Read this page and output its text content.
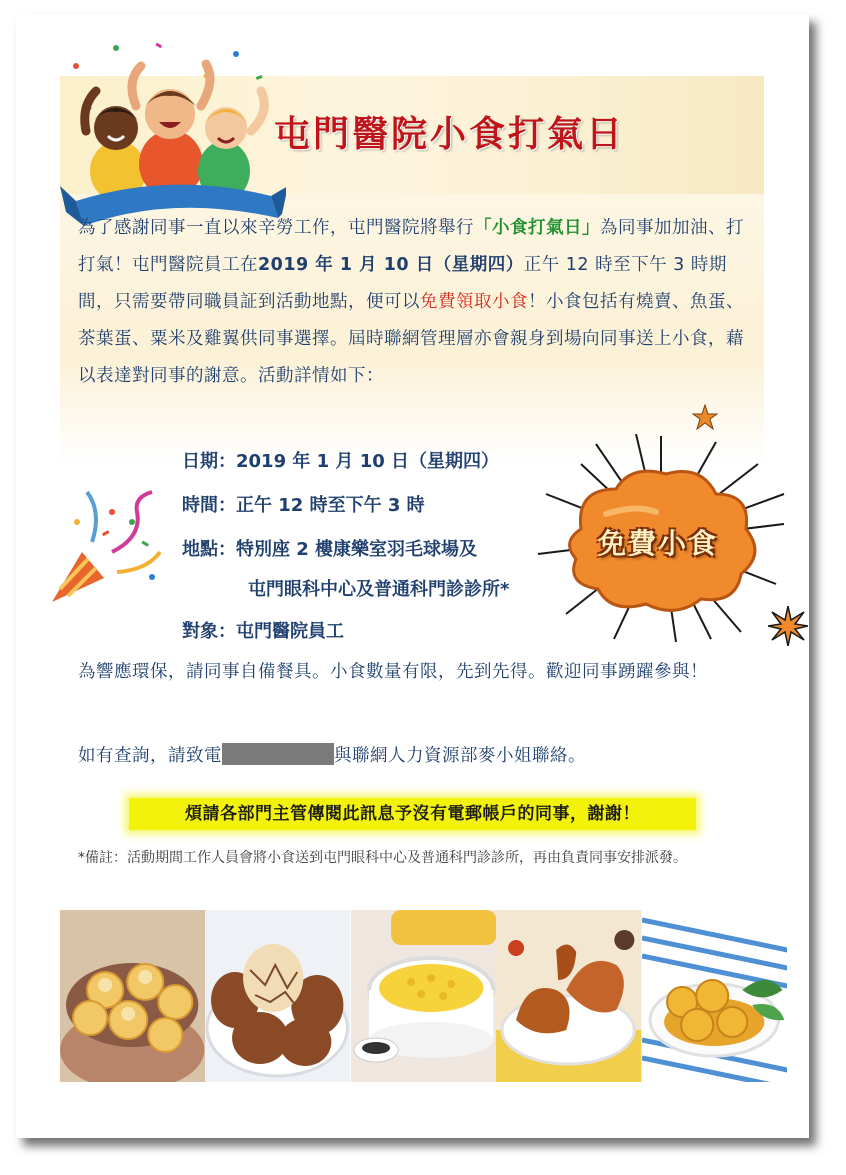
屯門醫院小食打氣日
為了感謝同事一直以來辛勞工作，屯門醫院將舉行「小食打氣日」為同事加加油、打打氣！屯門醫院員工在2019 年 1 月 10 日（星期四）正午 12 時至下午 3 時期間，只需要帶同職員証到活動地點，便可以免費領取小食！小食包括有燒賣、魚蛋、茶葉蛋、粟米及雞翼供同事選擇。屆時聯網管理層亦會親身到場向同事送上小食，藉以表達對同事的謝意。活動詳情如下：
日期：2019 年 1 月 10 日（星期四）
時間：正午 12 時至下午 3 時
地點：特別座 2 樓康樂室羽毛球場及
屯門眼科中心及普通科門診診所*
對象：屯門醫院員工
免費小食
為響應環保，請同事自備餐具。小食數量有限，先到先得。歡迎同事踴躍參與！
如有查詢，請致電	與聯網人力資源部麥小姐聯絡。
煩請各部門主管傳閱此訊息予沒有電郵帳戶的同事，謝謝！
*備註：活動期間工作人員會將小食送到屯門眼科中心及普通科門診診所，再由負責同事安排派發。
